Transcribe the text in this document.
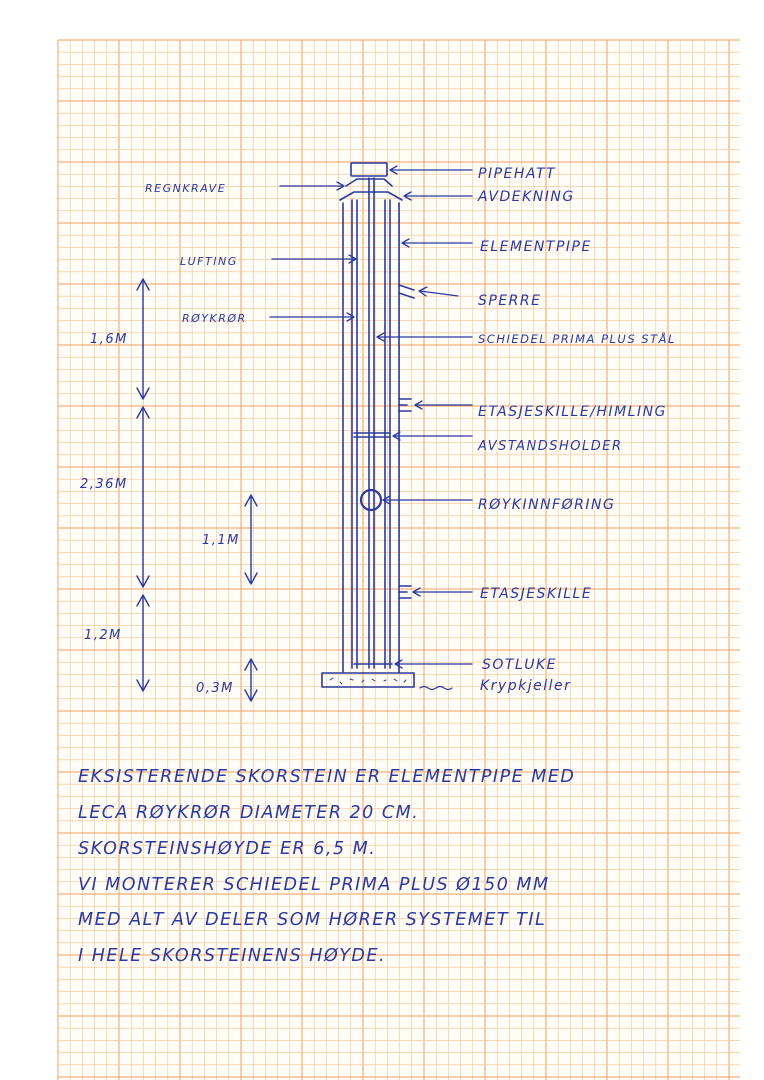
PIPEHATT
AVDEKNING
ELEMENTPIPE
SPERRE
SCHIEDEL PRIMA PLUS STÅL
ETASJESKILLE/HIMLING
AVSTANDSHOLDER
RØYKINNFØRING
ETASJESKILLE
SOTLUKE
Krypkjeller
REGNKRAVE
LUFTING
RØYKRØR
1,6M
2,36M
1,1M
1,2M
0,3M
EKSISTERENDE SKORSTEIN ER ELEMENTPIPE MED
LECA RØYKRØR DIAMETER 20 CM.
SKORSTEINSHØYDE ER 6,5 M.
VI MONTERER SCHIEDEL PRIMA PLUS Ø150 MM
MED ALT AV DELER SOM HØRER SYSTEMET TIL
I HELE SKORSTEINENS HØYDE.
